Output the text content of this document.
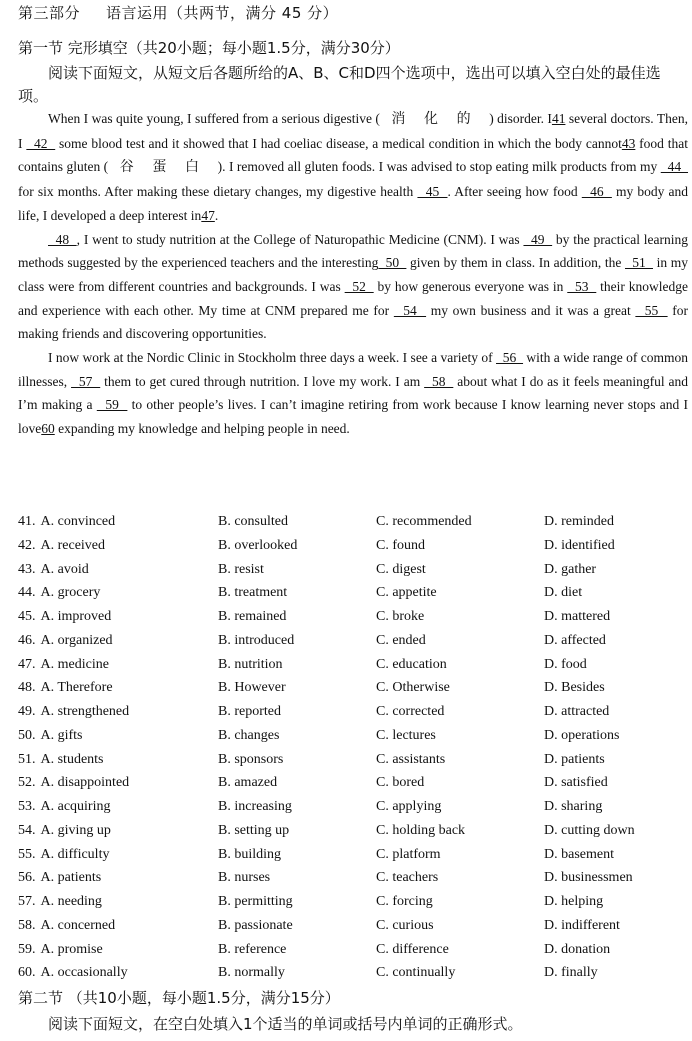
第三部分 语言运用（共两节，满分 45 分）
第一节 完形填空（共20小题；每小题1.5分，满分30分）
阅读下面短文，从短文后各题所给的A、B、C和D四个选项中，选出可以填入空白处的最佳选项。

When I was quite young, I suffered from a serious digestive ( 消 化 的 ) disorder. I41 several doctors. Then, I   42   some blood test and it showed that I had coeliac disease, a medical condition in which the body cannot43 food that contains gluten ( 谷 蛋 白 ). I removed all gluten foods. I was advised to stop eating milk products from my   44   for six months. After making these dietary changes, my digestive health   45  . After seeing how food   46   my body and life, I developed a deep interest in47.

48  , I went to study nutrition at the College of Naturopathic Medicine (CNM). I was   49   by the practical learning methods suggested by the experienced teachers and the interesting  50   given by them in class. In addition, the   51   in my class were from different countries and backgrounds. I was   52   by how generous everyone was in   53   their knowledge and experience with each other. My time at CNM prepared me for   54   my own business and it was a great   55   for making friends and discovering opportunities.

I now work at the Nordic Clinic in Stockholm three days a week. I see a variety of   56   with a wide range of common illnesses,   57   them to get cured through nutrition. I love my work. I am   58   about what I do as it feels meaningful and I’m making a   59   to other people’s lives. I can’t imagine retiring from work because I know learning never stops and I love60 expanding my knowledge and helping people in need.

41. A. convinced	B. consulted	C. recommended	D. reminded
42. A. received	B. overlooked	C. found	D. identified
43. A. avoid	B. resist	C. digest	D. gather
44. A. grocery	B. treatment	C. appetite	D. diet
45. A. improved	B. remained	C. broke	D. mattered
46. A. organized	B. introduced	C. ended	D. affected
47. A. medicine	B. nutrition	C. education	D. food
48. A. Therefore	B. However	C. Otherwise	D. Besides
49. A. strengthened	B. reported	C. corrected	D. attracted
50. A. gifts	B. changes	C. lectures	D. operations
51. A. students	B. sponsors	C. assistants	D. patients
52. A. disappointed	B. amazed	C. bored	D. satisfied
53. A. acquiring	B. increasing	C. applying	D. sharing
54. A. giving up	B. setting up	C. holding back	D. cutting down
55. A. difficulty	B. building	C. platform	D. basement
56. A. patients	B. nurses	C. teachers	D. businessmen
57. A. needing	B. permitting	C. forcing	D. helping
58. A. concerned	B. passionate	C. curious	D. indifferent
59. A. promise	B. reference	C. difference	D. donation
60. A. occasionally	B. normally	C. continually	D. finally
第二节 （共10小题，每小题1.5分，满分15分）
阅读下面短文，在空白处填入1个适当的单词或括号内单词的正确形式。
